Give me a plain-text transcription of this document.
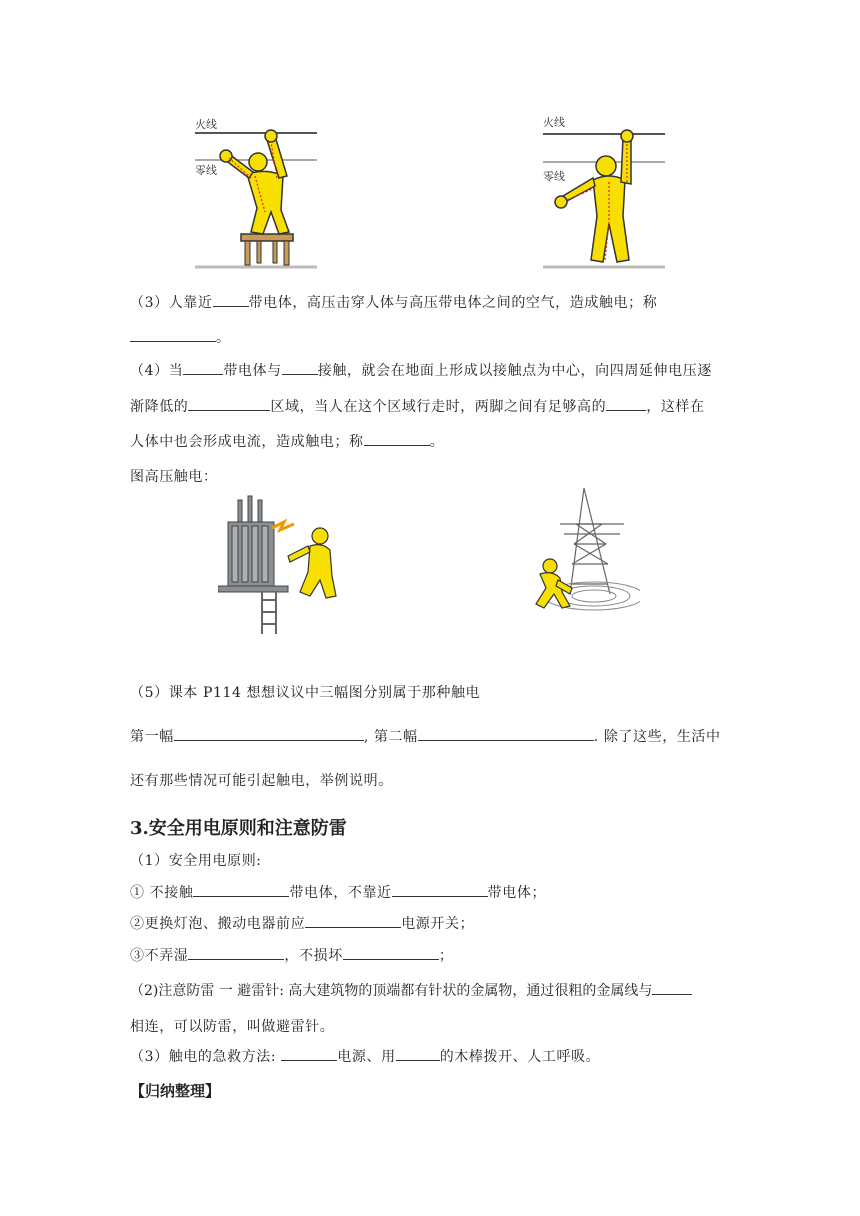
火线
零线
火线
零线
（3）人靠近	带电体，高压击穿人体与高压带电体之间的空气，造成触电；称
。
（4）当	带电体与	接触，就会在地面上形成以接触点为中心，向四周延伸电压逐
渐降低的	区域，当人在这个区域行走时，两脚之间有足够高的	，这样在
人体中也会形成电流，造成触电；称	。
图高压触电：
（5）课本 P114 想想议议中三幅图分别属于那种触电
第一幅	, 第二幅	. 除了这些，生活中
还有那些情况可能引起触电，举例说明。
3.安全用电原则和注意防雷
（1）安全用电原则:
① 不接触	带电体，不靠近	带电体；
②更换灯泡、搬动电器前应	电源开关；
③不弄湿	，不损坏	；
（2)注意防雷 一 避雷针: 高大建筑物的顶端都有针状的金属物，通过很粗的金属线与
相连，可以防雷，叫做避雷针。
（3）触电的急救方法:	电源、用	的木棒拨开、人工呼吸。
【归纳整理】
